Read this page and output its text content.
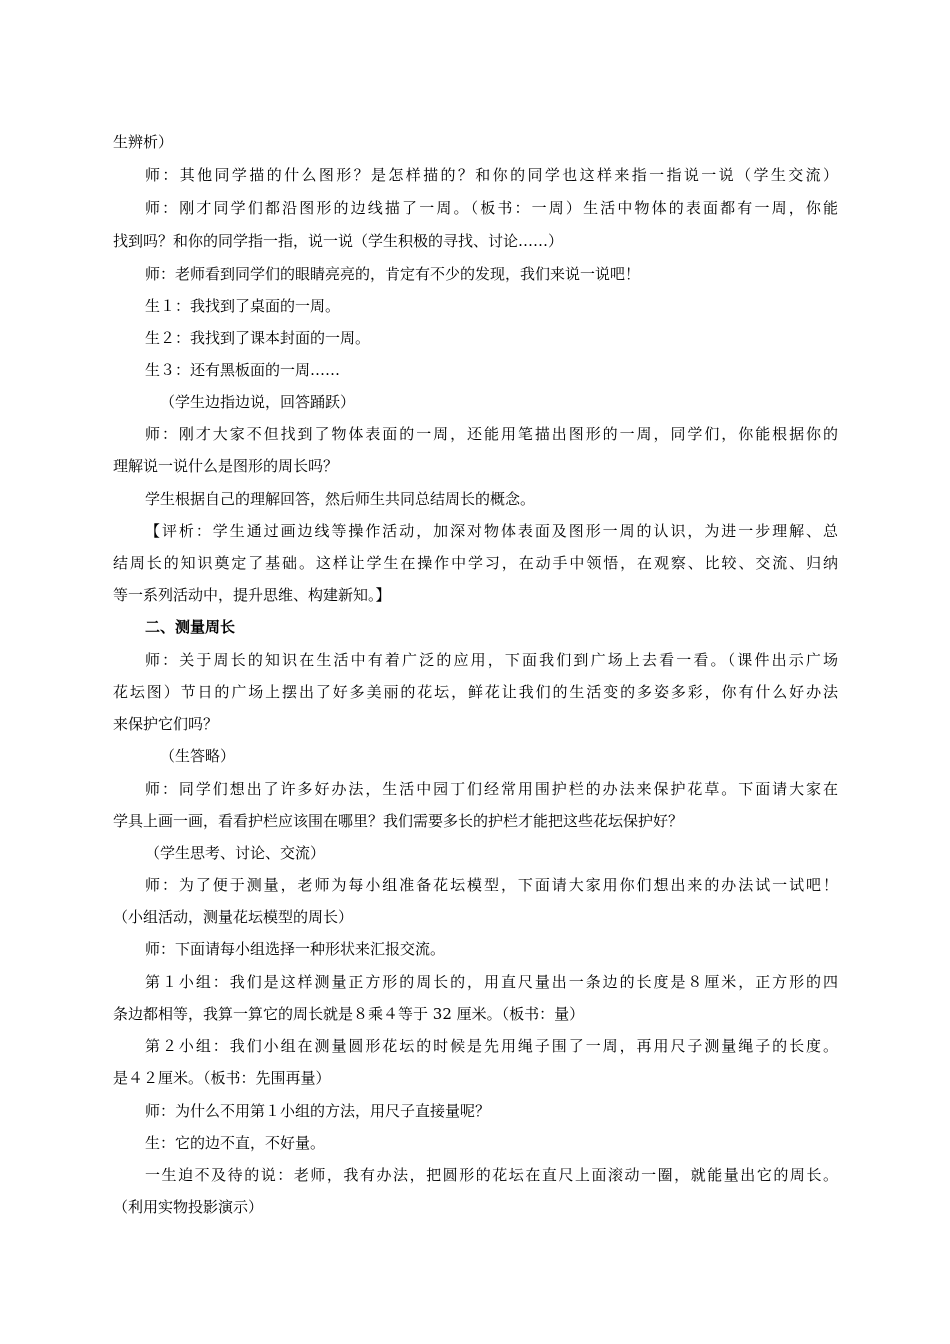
生辨析）
师：其他同学描的什么图形？是怎样描的？和你的同学也这样来指一指说一说（学生交流）
师：刚才同学们都沿图形的边线描了一周。（板书：一周）生活中物体的表面都有一周，你能
找到吗？和你的同学指一指，说一说（学生积极的寻找、讨论……）
师：老师看到同学们的眼睛亮亮的，肯定有不少的发现，我们来说一说吧！
生１：我找到了桌面的一周。
生２：我找到了课本封面的一周。
生３：还有黑板面的一周……
（学生边指边说，回答踊跃）
师：刚才大家不但找到了物体表面的一周，还能用笔描出图形的一周，同学们，你能根据你的
理解说一说什么是图形的周长吗？
学生根据自己的理解回答，然后师生共同总结周长的概念。
【评析：学生通过画边线等操作活动，加深对物体表面及图形一周的认识，为进一步理解、总
结周长的知识奠定了基础。这样让学生在操作中学习，在动手中领悟，在观察、比较、交流、归纳
等一系列活动中，提升思维、构建新知。】
二、测量周长
师：关于周长的知识在生活中有着广泛的应用，下面我们到广场上去看一看。（课件出示广场
花坛图）节日的广场上摆出了好多美丽的花坛，鲜花让我们的生活变的多姿多彩，你有什么好办法
来保护它们吗？
（生答略）
师：同学们想出了许多好办法，生活中园丁们经常用围护栏的办法来保护花草。下面请大家在
学具上画一画，看看护栏应该围在哪里？我们需要多长的护栏才能把这些花坛保护好？
（学生思考、讨论、交流）
师：为了便于测量，老师为每小组准备花坛模型，下面请大家用你们想出来的办法试一试吧！
（小组活动，测量花坛模型的周长）
师：下面请每小组选择一种形状来汇报交流。
第１小组：我们是这样测量正方形的周长的，用直尺量出一条边的长度是８厘米，正方形的四
条边都相等，我算一算它的周长就是８乘４等于 32 厘米。（板书：量）
第２小组：我们小组在测量圆形花坛的时候是先用绳子围了一周，再用尺子测量绳子的长度。
是４２厘米。（板书：先围再量）
师：为什么不用第１小组的方法，用尺子直接量呢？
生：它的边不直，不好量。
一生迫不及待的说：老师，我有办法，把圆形的花坛在直尺上面滚动一圈，就能量出它的周长。
（利用实物投影演示）
